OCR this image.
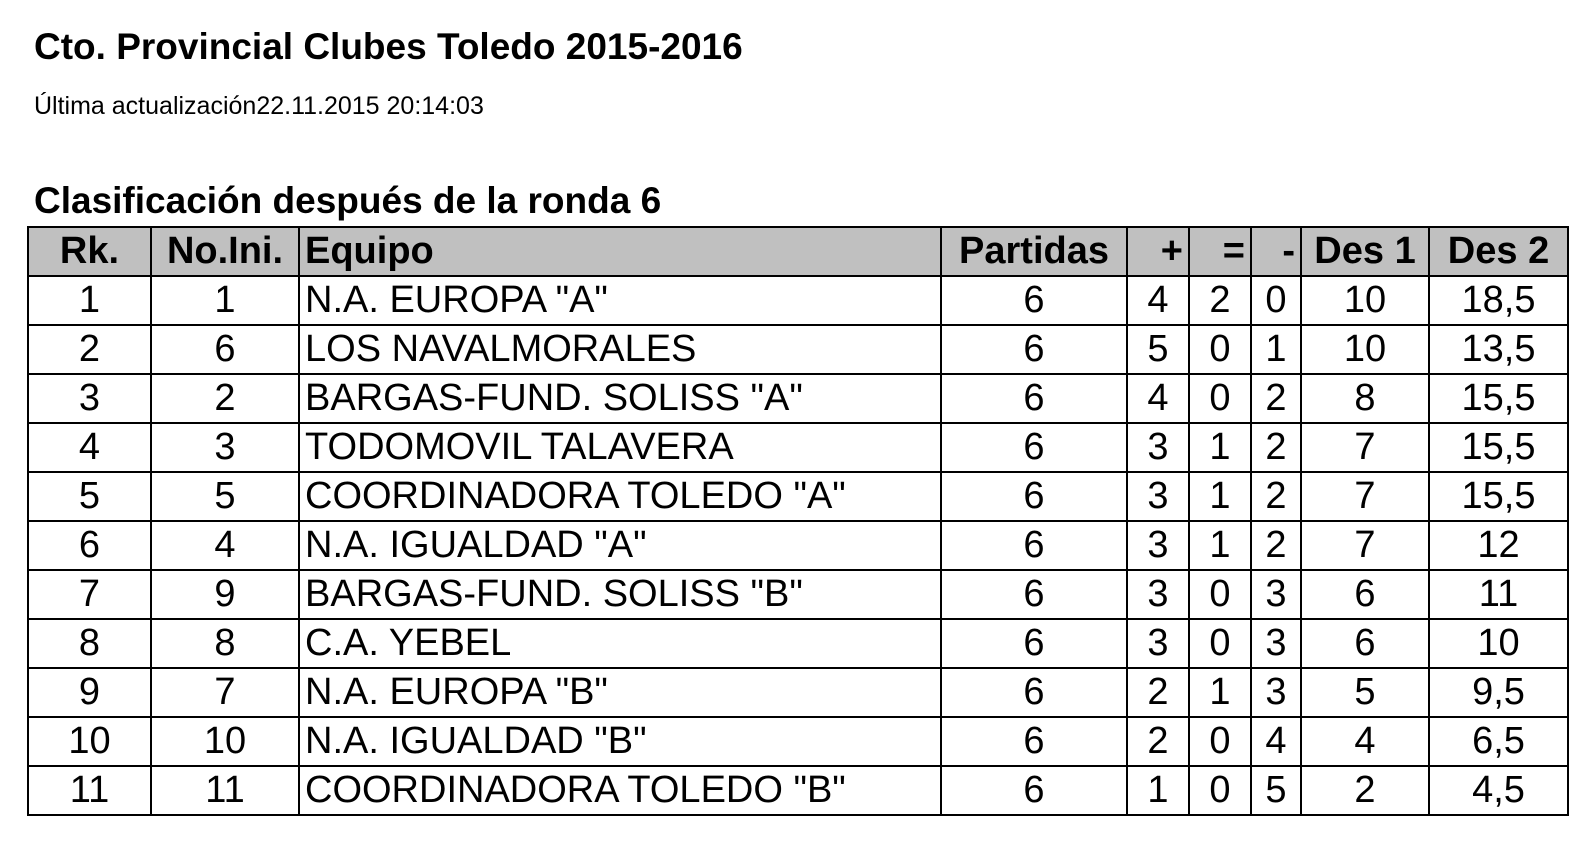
Cto. Provincial Clubes Toledo 2015-2016
Última actualización22.11.2015 20:14:03
Clasificación después de la ronda 6
Rk.	No.Ini.	Equipo	Partidas	+	=	-	Des 1	Des 2
1	1	N.A. EUROPA "A"	6	4	2	0	10	18,5
2	6	LOS NAVALMORALES	6	5	0	1	10	13,5
3	2	BARGAS-FUND. SOLISS "A"	6	4	0	2	8	15,5
4	3	TODOMOVIL TALAVERA	6	3	1	2	7	15,5
5	5	COORDINADORA TOLEDO "A"	6	3	1	2	7	15,5
6	4	N.A. IGUALDAD "A"	6	3	1	2	7	12
7	9	BARGAS-FUND. SOLISS "B"	6	3	0	3	6	11
8	8	C.A. YEBEL	6	3	0	3	6	10
9	7	N.A. EUROPA "B"	6	2	1	3	5	9,5
10	10	N.A. IGUALDAD "B"	6	2	0	4	4	6,5
11	11	COORDINADORA TOLEDO "B"	6	1	0	5	2	4,5
